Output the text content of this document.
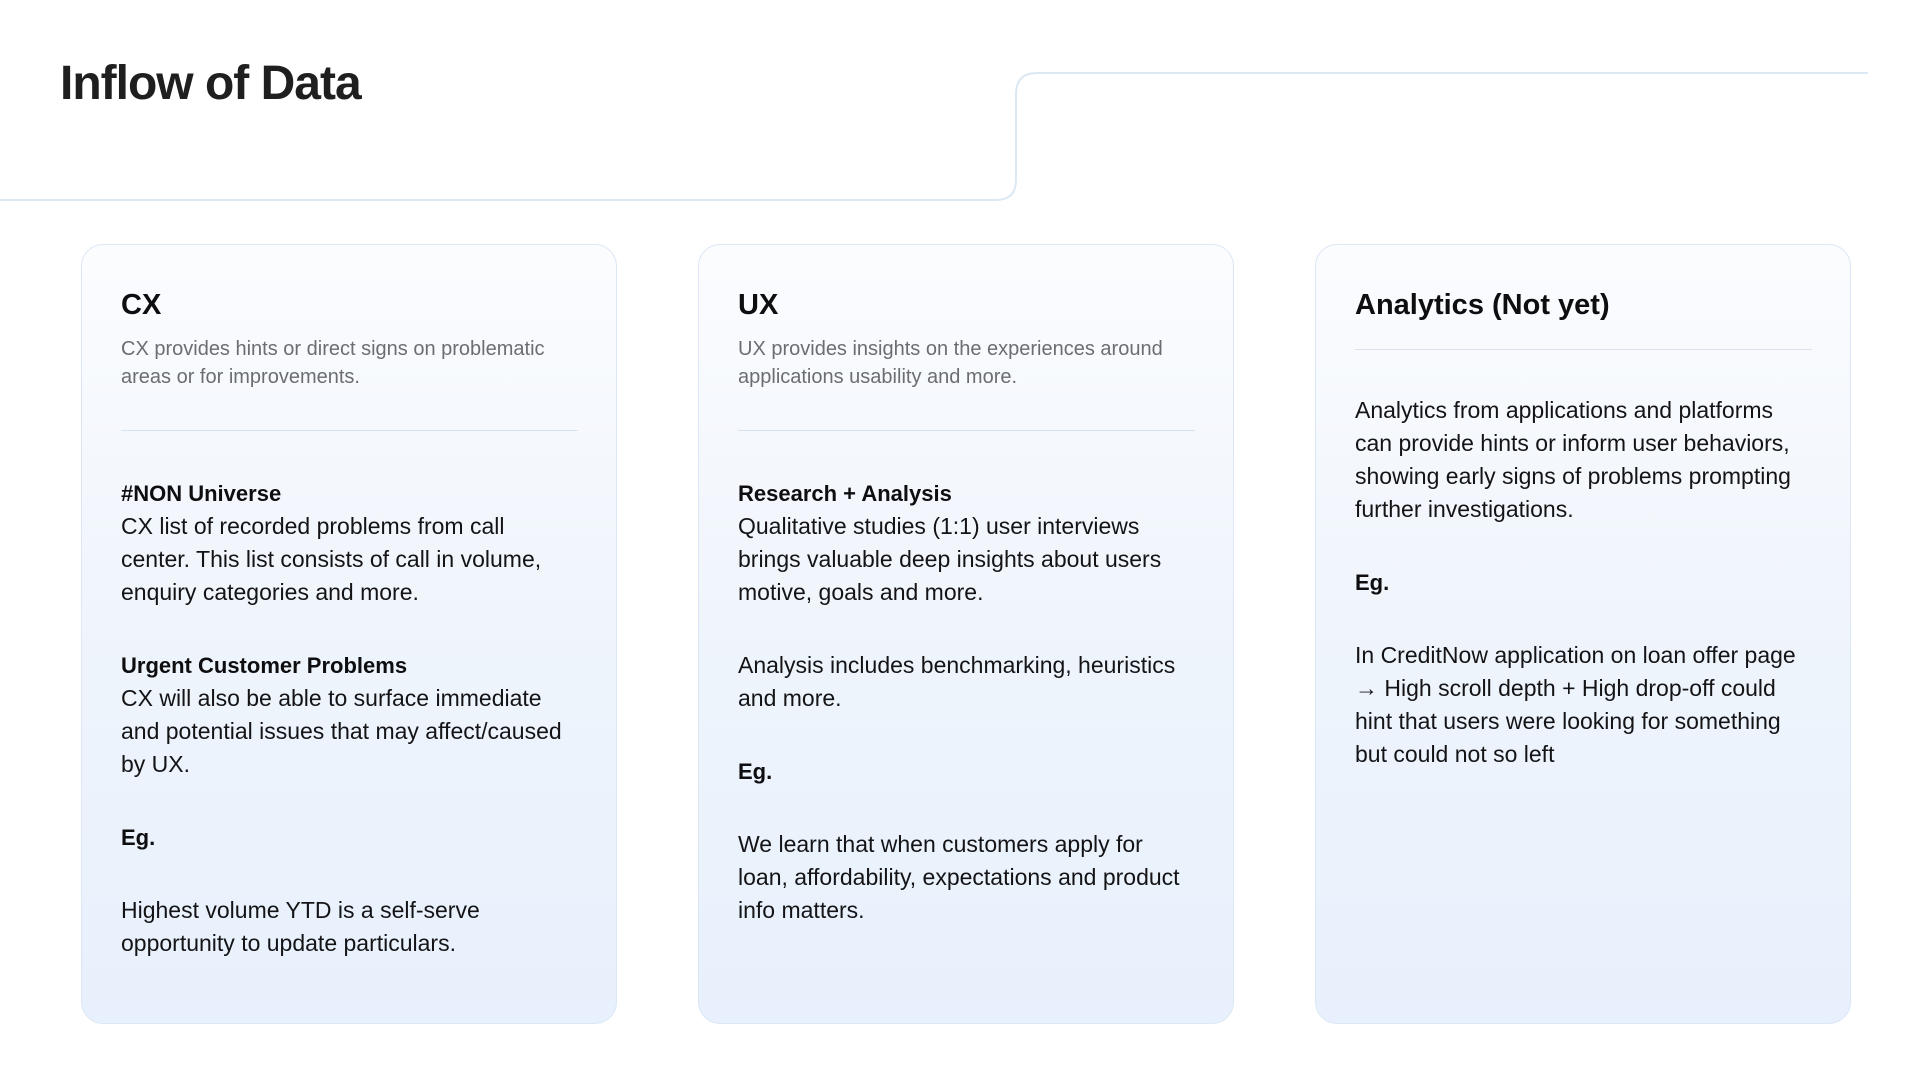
Inflow of Data
CX

CX provides hints or direct signs on problematic areas or for improvements.

#NON Universe
CX list of recorded problems from call center. This list consists of call in volume, enquiry categories and more.
Urgent Customer Problems
CX will also be able to surface immediate and potential issues that may affect/caused by UX.
Eg.
Highest volume YTD is a self-serve opportunity to update particulars.
UX

UX provides insights on the experiences around applications usability and more.

Research + Analysis
Qualitative studies (1:1) user interviews brings valuable deep insights about users motive, goals and more.
Analysis includes benchmarking, heuristics and more.
Eg.
We learn that when customers apply for loan, affordability, expectations and product info matters.
Analytics (Not yet)
Analytics from applications and platforms can provide hints or inform user behaviors, showing early signs of problems prompting further investigations.
Eg.
In CreditNow application on loan offer page → High scroll depth + High drop-off could hint that users were looking for something but could not so left
